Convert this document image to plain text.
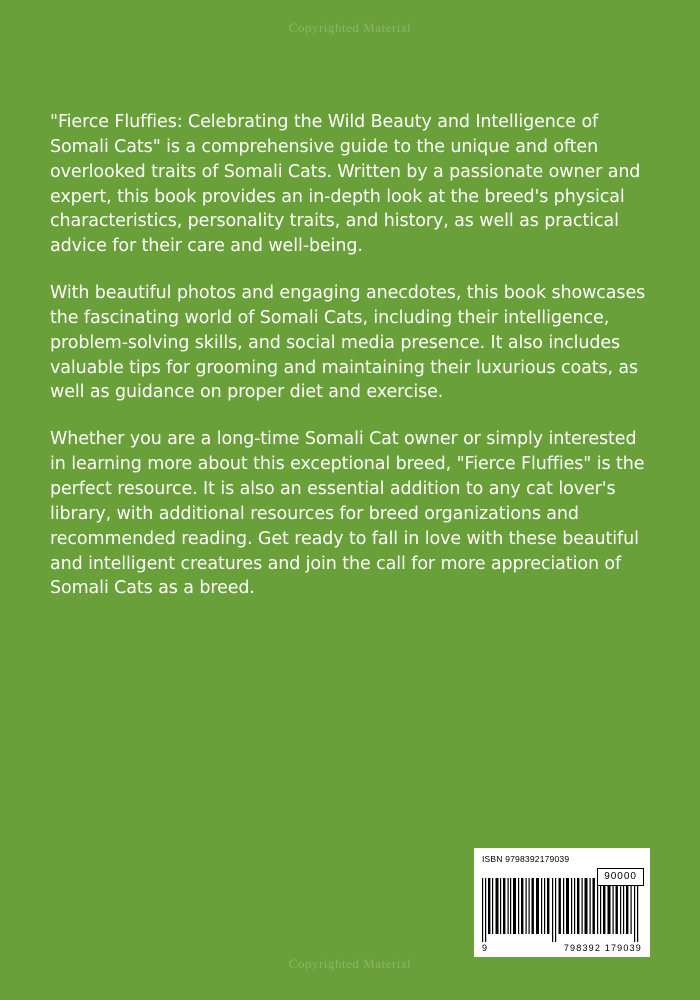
Copyrighted Material

"Fierce Fluffies: Celebrating the Wild Beauty and Intelligence of Somali Cats" is a comprehensive guide to the unique and often overlooked traits of Somali Cats. Written by a passionate owner and expert, this book provides an in-depth look at the breed's physical characteristics, personality traits, and history, as well as practical advice for their care and well-being.

With beautiful photos and engaging anecdotes, this book showcases the fascinating world of Somali Cats, including their intelligence, problem-solving skills, and social media presence. It also includes valuable tips for grooming and maintaining their luxurious coats, as well as guidance on proper diet and exercise.

Whether you are a long-time Somali Cat owner or simply interested in learning more about this exceptional breed, "Fierce Fluffies" is the perfect resource. It is also an essential addition to any cat lover's library, with additional resources for breed organizations and recommended reading. Get ready to fall in love with these beautiful and intelligent creatures and join the call for more appreciation of Somali Cats as a breed.

ISBN 9798392179039
90000
9	798392 179039
Copyrighted Material
